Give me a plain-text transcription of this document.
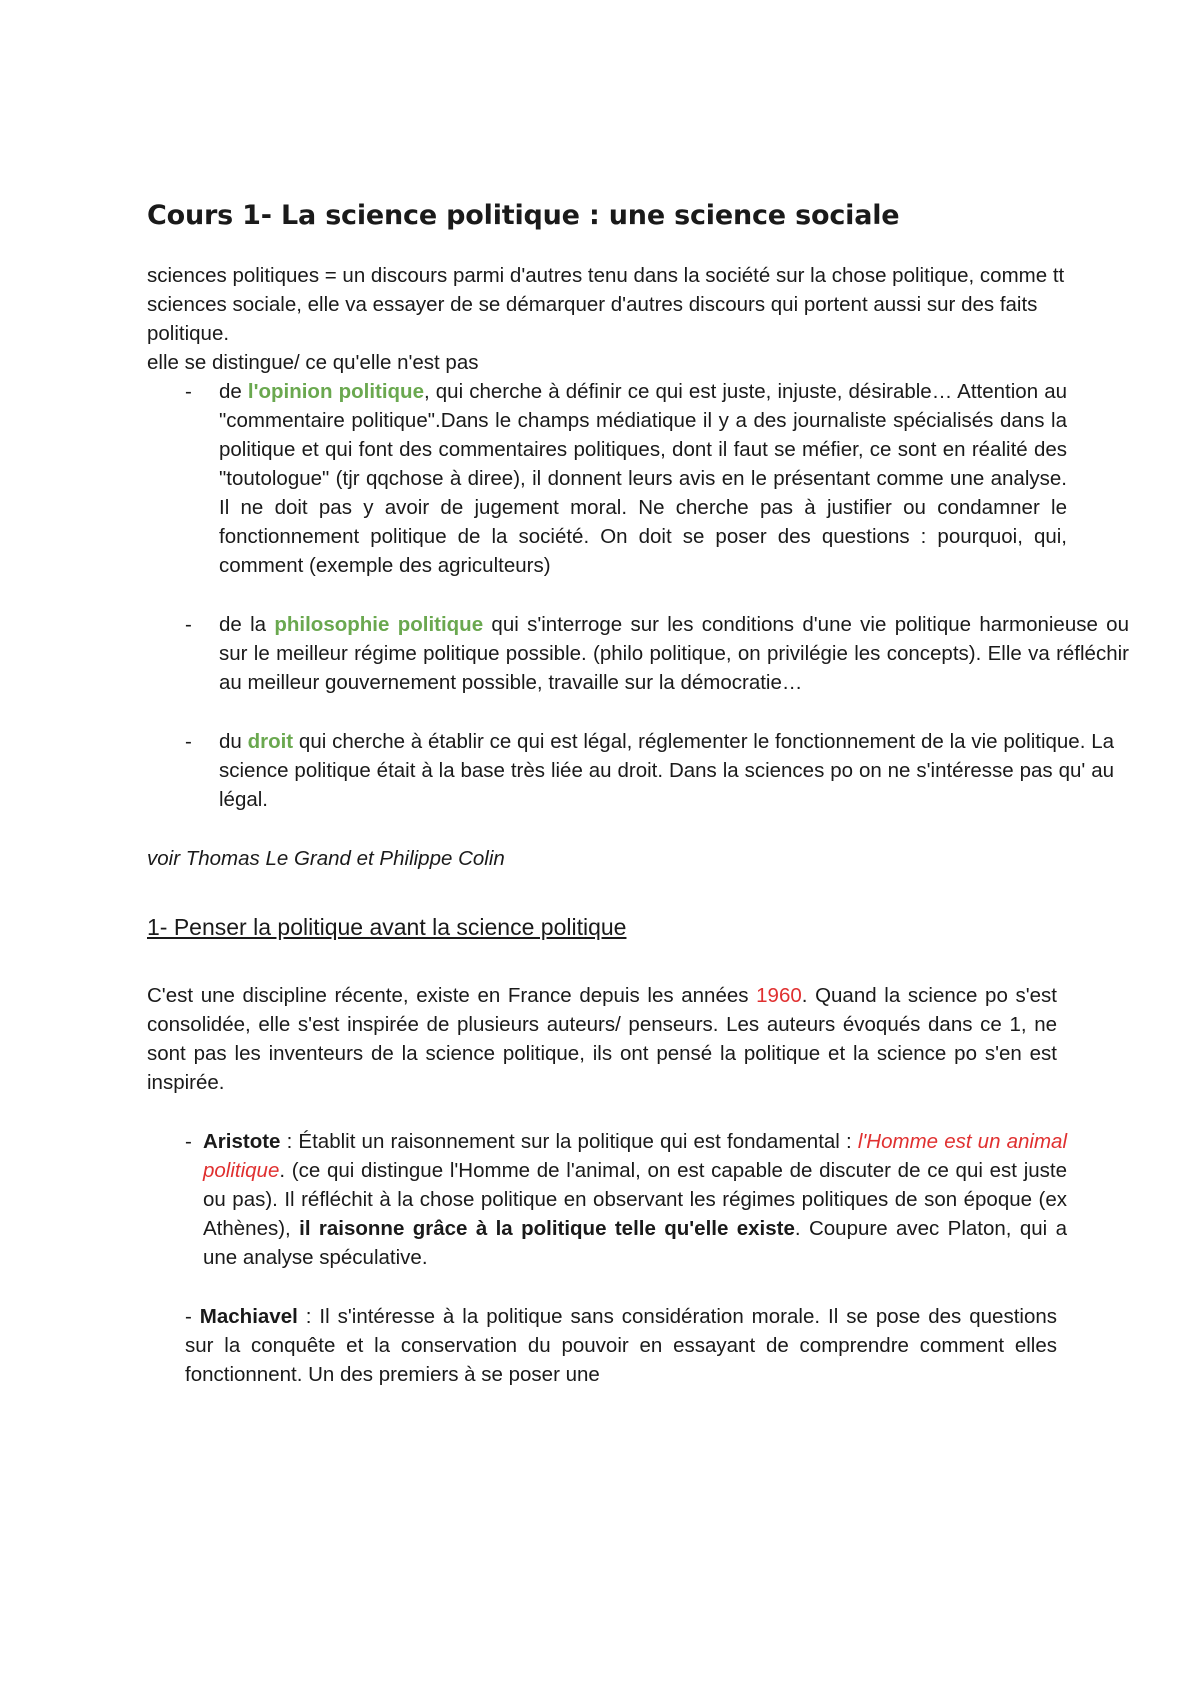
Cours 1- La science politique : une science sociale

sciences politiques = un discours parmi d'autres tenu dans la société sur la chose politique, comme tt sciences sociale, elle va essayer de se démarquer d'autres discours qui portent aussi sur des faits politique.

elle se distingue/ ce qu'elle n'est pas

- de l'opinion politique, qui cherche à définir ce qui est juste, injuste, désirable… Attention au "commentaire politique".Dans le champs médiatique il y a des journaliste spécialisés dans la politique et qui font des commentaires politiques, dont il faut se méfier, ce sont en réalité des "toutologue" (tjr qqchose à diree), il donnent leurs avis en le présentant comme une analyse. Il ne doit pas y avoir de jugement moral. Ne cherche pas à justifier ou condamner le fonctionnement politique de la société. On doit se poser des questions : pourquoi, qui, comment (exemple des agriculteurs)
- de la philosophie politique qui s'interroge sur les conditions d'une vie politique harmonieuse ou sur le meilleur régime politique possible. (philo politique, on privilégie les concepts). Elle va réfléchir au meilleur gouvernement possible, travaille sur la démocratie…
- du droit qui cherche à établir ce qui est légal, réglementer le fonctionnement de la vie politique. La science politique était à la base très liée au droit. Dans la sciences po on ne s'intéresse pas qu' au légal.

voir Thomas Le Grand et Philippe Colin

1- Penser la politique avant la science politique

C'est une discipline récente, existe en France depuis les années 1960. Quand la science po s'est consolidée, elle s'est inspirée de plusieurs auteurs/ penseurs. Les auteurs évoqués dans ce 1, ne sont pas les inventeurs de la science politique, ils ont pensé la politique et la science po s'en est inspirée.

- Aristote : Établit un raisonnement sur la politique qui est fondamental : l'Homme est un animal politique. (ce qui distingue l'Homme de l'animal, on est capable de discuter de ce qui est juste ou pas). Il réfléchit à la chose politique en observant les régimes politiques de son époque (ex Athènes), il raisonne grâce à la politique telle qu'elle existe. Coupure avec Platon, qui a une analyse spéculative.

- Machiavel : Il s'intéresse à la politique sans considération morale. Il se pose des questions sur la conquête et la conservation du pouvoir en essayant de comprendre comment elles fonctionnent. Un des premiers à se poser une
